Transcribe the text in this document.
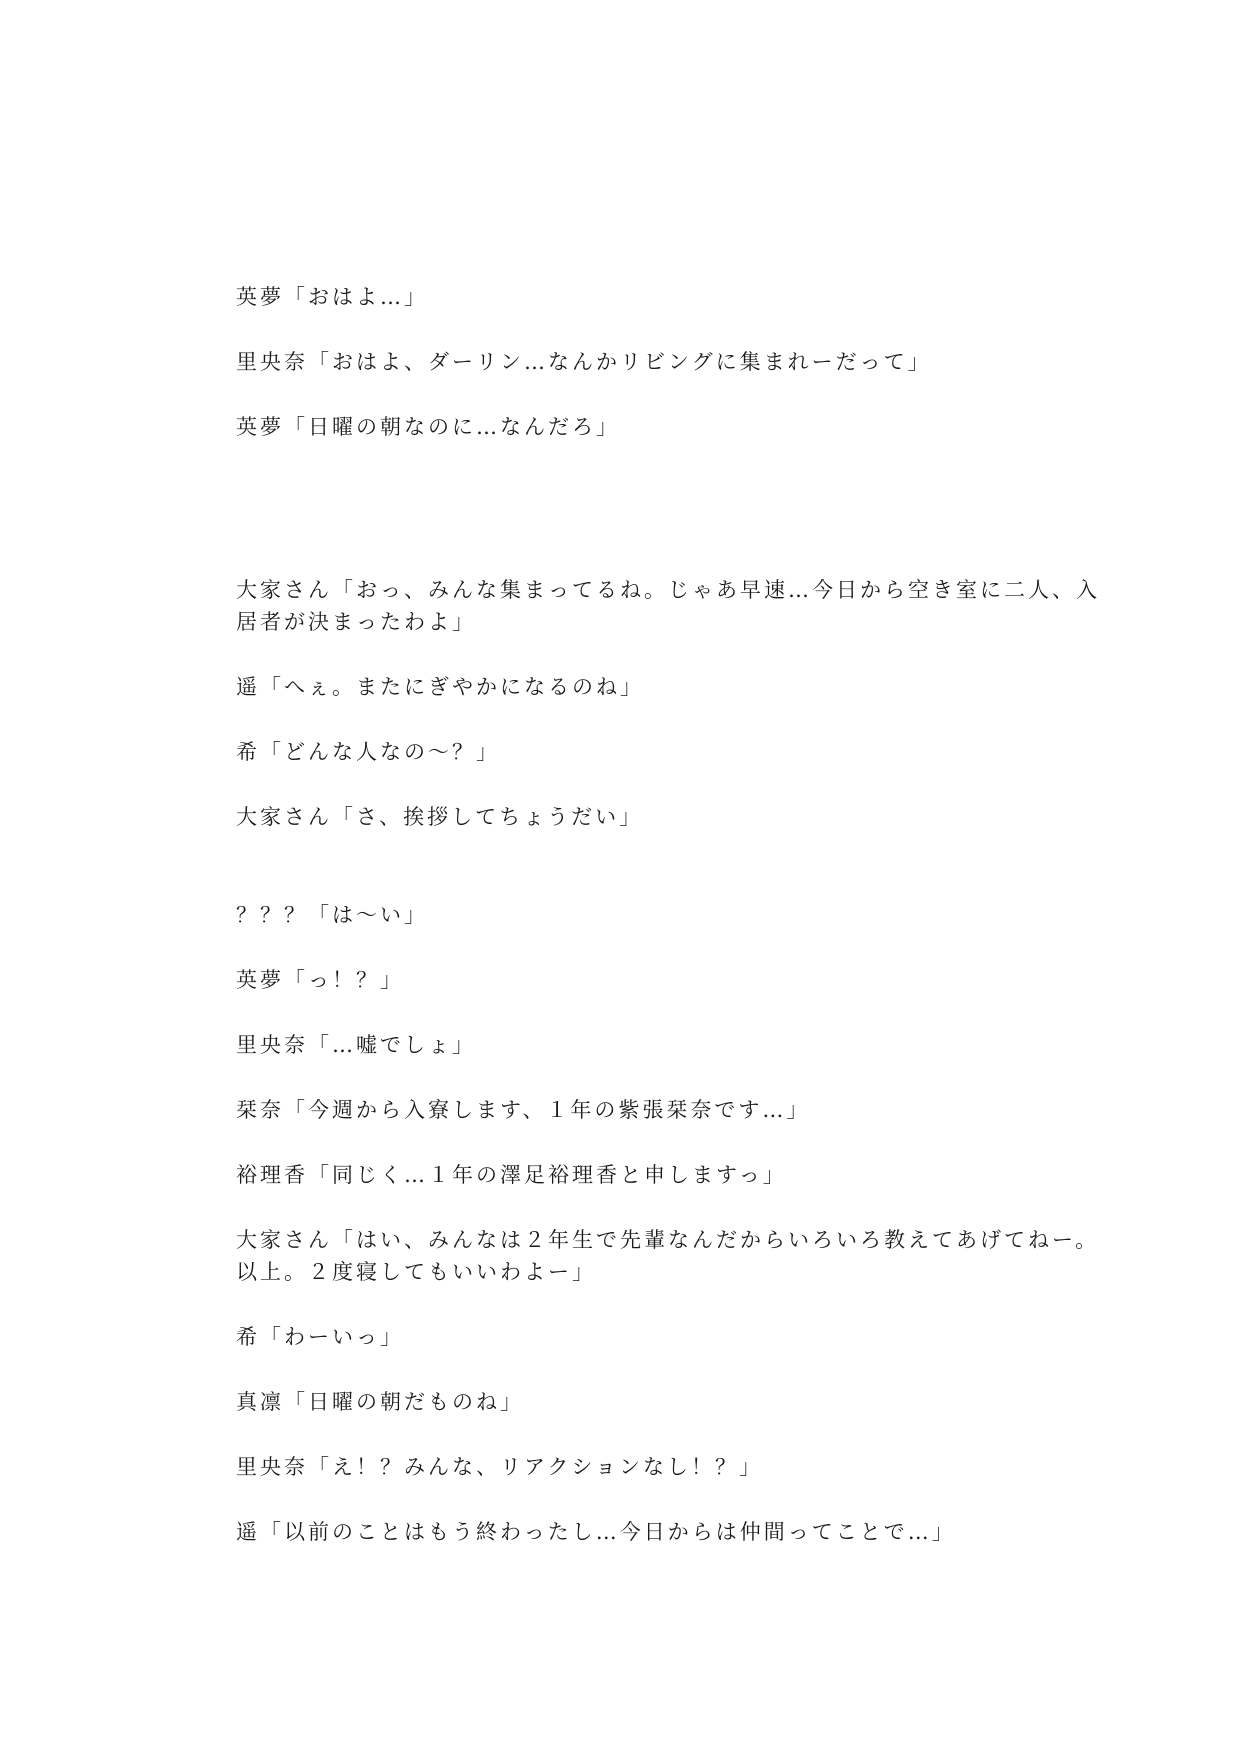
英夢「おはよ…」
里央奈「おはよ、ダーリン…なんかリビングに集まれーだって」
英夢「日曜の朝なのに…なんだろ」
大家さん「おっ、みんな集まってるね。じゃあ早速…今日から空き室に二人、入
居者が決まったわよ」
遥「へぇ。またにぎやかになるのね」
希「どんな人なの～？」
大家さん「さ、挨拶してちょうだい」
？？？「は～い」
英夢「っ！？」
里央奈「…嘘でしょ」
栞奈「今週から入寮します、１年の紫張栞奈です…」
裕理香「同じく…１年の澤足裕理香と申しますっ」
大家さん「はい、みんなは２年生で先輩なんだからいろいろ教えてあげてねー。
以上。２度寝してもいいわよー」
希「わーいっ」
真凛「日曜の朝だものね」
里央奈「え！？みんな、リアクションなし！？」
遥「以前のことはもう終わったし…今日からは仲間ってことで…」
